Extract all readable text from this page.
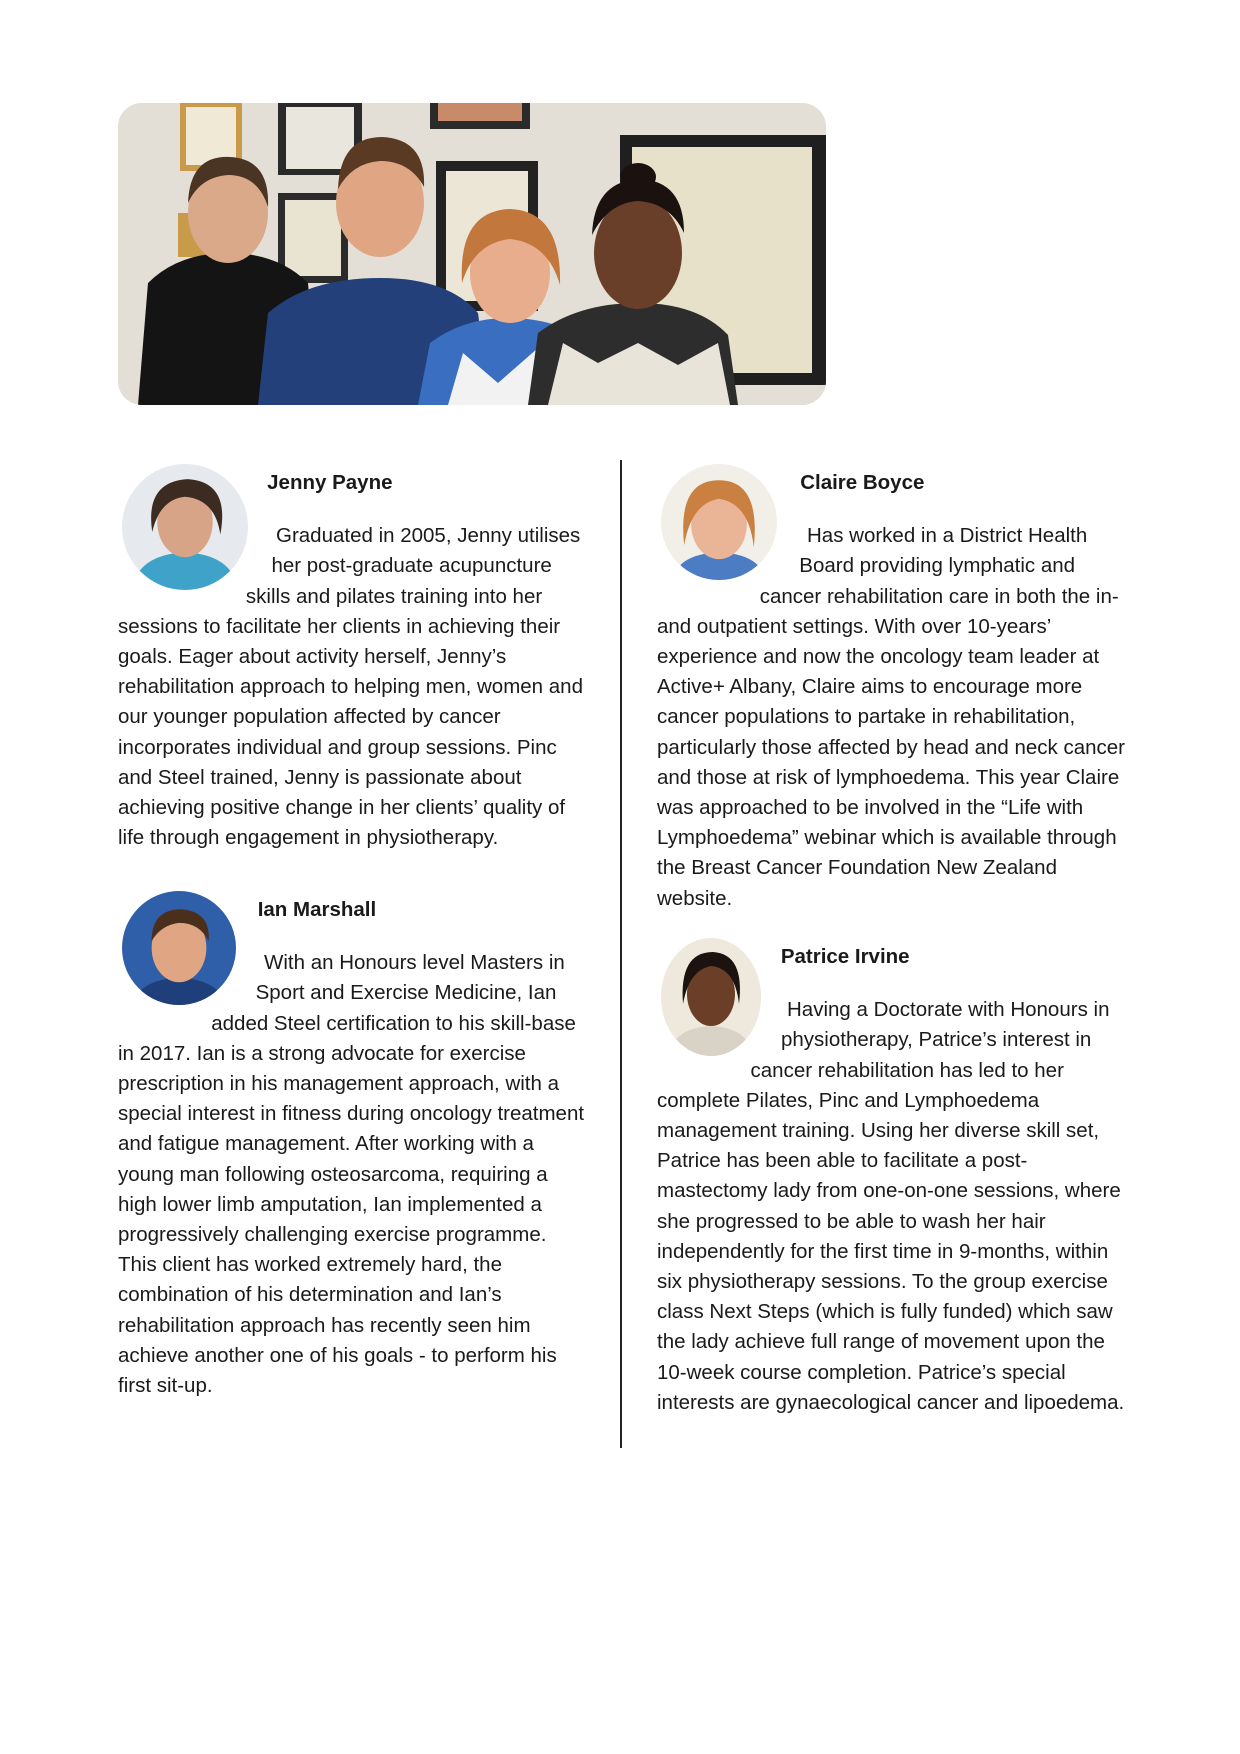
Jenny Payne
Graduated in 2005, Jenny utilises her post-graduate acupuncture skills and pilates training into her sessions to facilitate her clients in achieving their goals. Eager about activity herself, Jenny’s rehabilitation approach to helping men, women and our younger population affected by cancer incorporates individual and group sessions. Pinc and Steel trained, Jenny is passionate about achieving positive change in her clients’ quality of life through engagement in physiotherapy.
Ian Marshall
With an Honours level Masters in Sport and Exercise Medicine, Ian added Steel certification to his skill-base in 2017. Ian is a strong advocate for exercise prescription in his management approach, with a special interest in fitness during oncology treatment and fatigue management. After working with a young man following osteosarcoma, requiring a high lower limb amputation, Ian implemented a progressively challenging exercise programme. This client has worked extremely hard, the combination of his determination and Ian’s rehabilitation approach has recently seen him achieve another one of his goals - to perform his first sit-up.
Claire Boyce
Has worked in a District Health Board providing lymphatic and cancer rehabilitation care in both the in- and outpatient settings. With over 10-years’ experience and now the oncology team leader at Active+ Albany, Claire aims to encourage more cancer populations to partake in rehabilitation, particularly those affected by head and neck cancer and those at risk of lymphoedema. This year Claire was approached to be involved in the “Life with Lymphoedema” webinar which is available through the Breast Cancer Foundation New Zealand website.
Patrice Irvine
Having a Doctorate with Honours in physiotherapy, Patrice’s interest in cancer rehabilitation has led to her complete Pilates, Pinc and Lymphoedema management training. Using her diverse skill set, Patrice has been able to facilitate a post-mastectomy lady from one-on-one sessions, where she progressed to be able to wash her hair independently for the first time in 9-months, within six physiotherapy sessions. To the group exercise class Next Steps (which is fully funded) which saw the lady achieve full range of movement upon the 10-week course completion. Patrice’s special interests are gynaecological cancer and lipoedema.
